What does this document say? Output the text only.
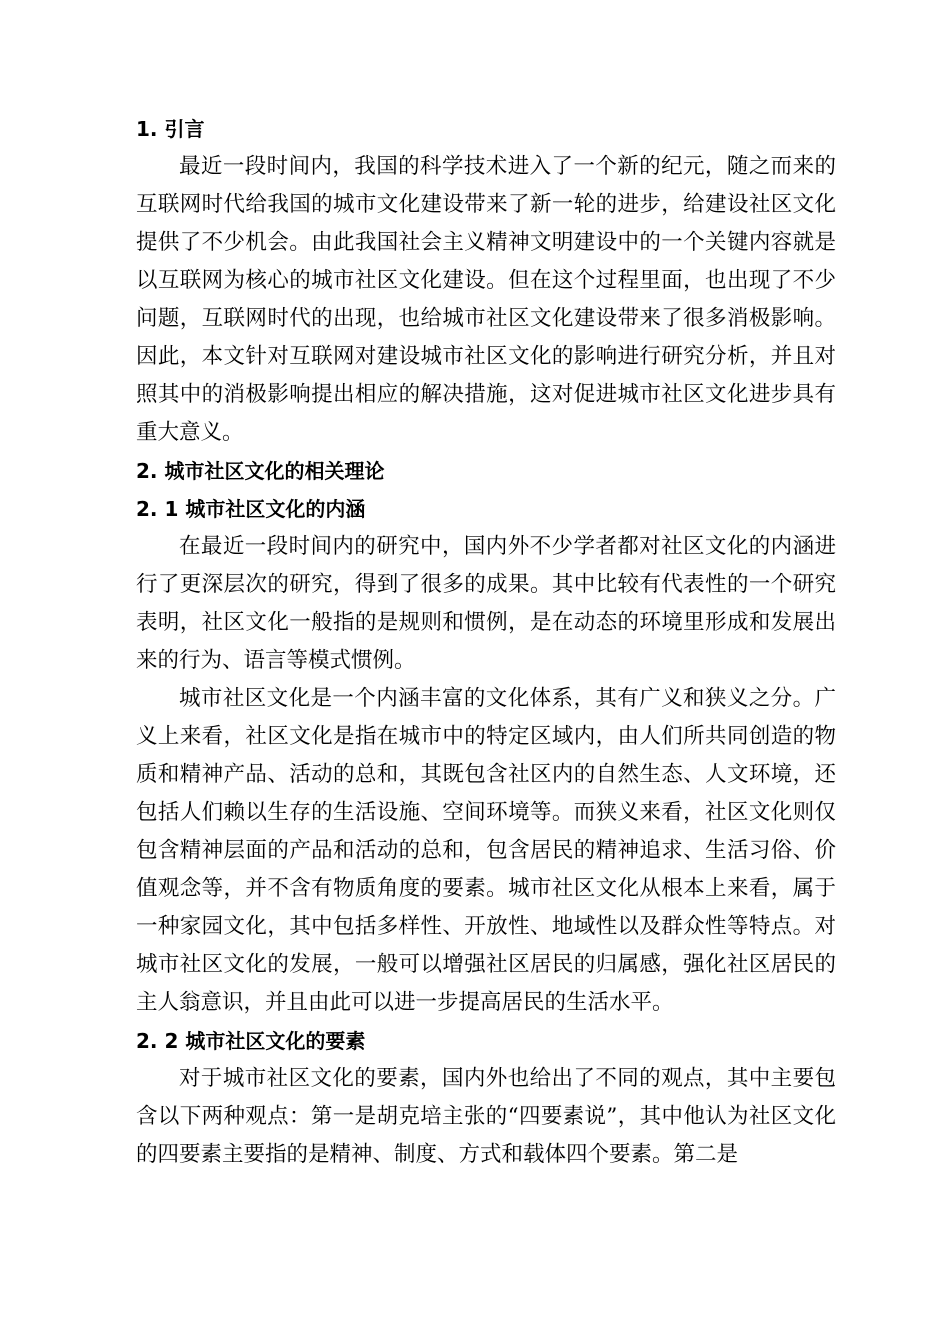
1. 引言

最近一段时间内，我国的科学技术进入了一个新的纪元，随之而来的互联网时代给我国的城市文化建设带来了新一轮的进步，给建设社区文化提供了不少机会。由此我国社会主义精神文明建设中的一个关键内容就是以互联网为核心的城市社区文化建设。但在这个过程里面，也出现了不少问题，互联网时代的出现，也给城市社区文化建设带来了很多消极影响。因此，本文针对互联网对建设城市社区文化的影响进行研究分析，并且对照其中的消极影响提出相应的解决措施，这对促进城市社区文化进步具有重大意义。

2. 城市社区文化的相关理论

2. 1 城市社区文化的内涵

在最近一段时间内的研究中，国内外不少学者都对社区文化的内涵进行了更深层次的研究，得到了很多的成果。其中比较有代表性的一个研究表明，社区文化一般指的是规则和惯例，是在动态的环境里形成和发展出来的行为、语言等模式惯例。

城市社区文化是一个内涵丰富的文化体系，其有广义和狭义之分。广义上来看，社区文化是指在城市中的特定区域内，由人们所共同创造的物质和精神产品、活动的总和，其既包含社区内的自然生态、人文环境，还包括人们赖以生存的生活设施、空间环境等。而狭义来看，社区文化则仅包含精神层面的产品和活动的总和，包含居民的精神追求、生活习俗、价值观念等，并不含有物质角度的要素。城市社区文化从根本上来看，属于一种家园文化，其中包括多样性、开放性、地域性以及群众性等特点。对城市社区文化的发展，一般可以增强社区居民的归属感，强化社区居民的主人翁意识，并且由此可以进一步提高居民的生活水平。

2. 2 城市社区文化的要素

对于城市社区文化的要素，国内外也给出了不同的观点，其中主要包含以下两种观点：第一是胡克培主张的“四要素说”，其中他认为社区文化的四要素主要指的是精神、制度、方式和载体四个要素。第二是
